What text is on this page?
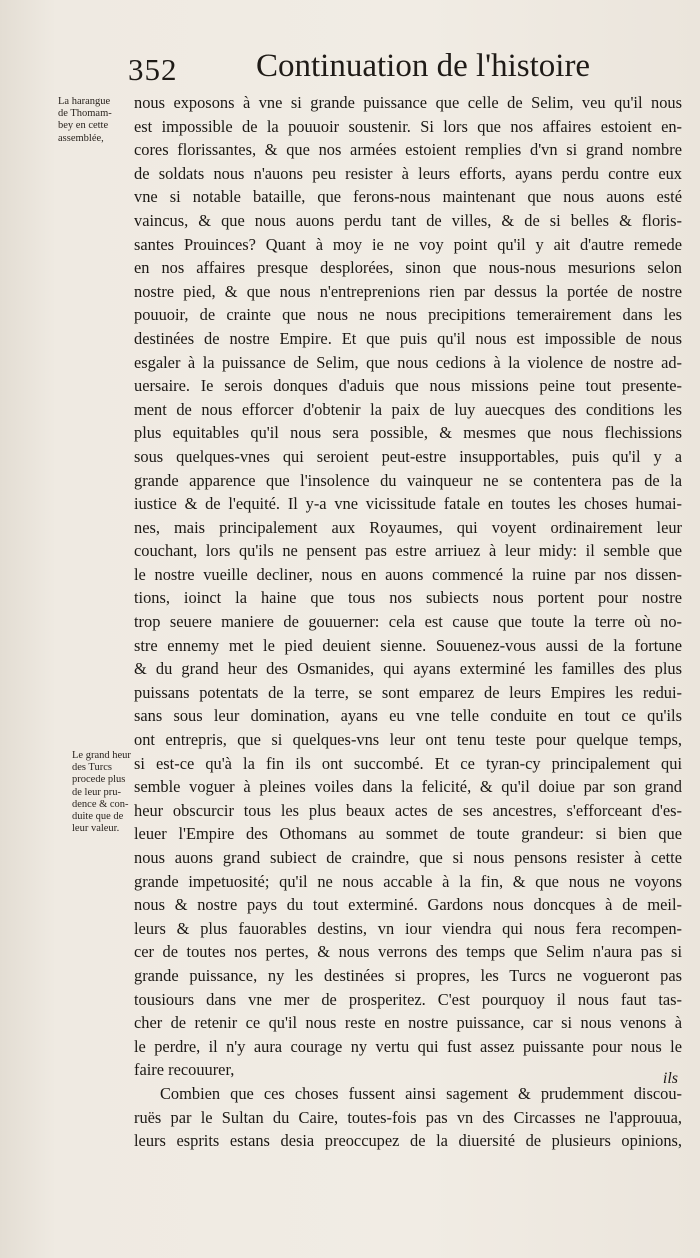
352 Continuation de l'histoire
La harangue
de Thomam-
bey en cette
assemblée,
Le grand heur
des Turcs
procede plus
de leur pru-
dence & con-
duite que de
leur valeur.
nous exposons à vne si grande puissance que celle de Selim, veu qu'il nous
est impossible de la pouuoir soustenir. Si lors que nos affaires estoient en-
cores florissantes, & que nos armées estoient remplies d'vn si grand nombre
de soldats nous n'auons peu resister à leurs efforts, ayans perdu contre eux
vne si notable bataille, que ferons-nous maintenant que nous auons esté
vaincus, & que nous auons perdu tant de villes, & de si belles & floris-
santes Prouinces? Quant à moy ie ne voy point qu'il y ait d'autre remede
en nos affaires presque desplorées, sinon que nous-nous mesurions selon
nostre pied, & que nous n'entreprenions rien par dessus la portée de nostre
pouuoir, de crainte que nous ne nous precipitions temerairement dans les
destinées de nostre Empire. Et que puis qu'il nous est impossible de nous
esgaler à la puissance de Selim, que nous cedions à la violence de nostre ad-
uersaire. Ie serois donques d'aduis que nous missions peine tout presente-
ment de nous efforcer d'obtenir la paix de luy auecques des conditions les
plus equitables qu'il nous sera possible, & mesmes que nous flechissions
sous quelques-vnes qui seroient peut-estre insupportables, puis qu'il y a
grande apparence que l'insolence du vainqueur ne se contentera pas de la
iustice & de l'equité. Il y-a vne vicissitude fatale en toutes les choses humai-
nes, mais principalement aux Royaumes, qui voyent ordinairement leur
couchant, lors qu'ils ne pensent pas estre arriuez à leur midy: il semble que
le nostre vueille decliner, nous en auons commencé la ruine par nos dissen-
tions, ioinct la haine que tous nos subiects nous portent pour nostre
trop seuere maniere de gouuerner: cela est cause que toute la terre où no-
stre ennemy met le pied deuient sienne. Souuenez-vous aussi de la fortune
& du grand heur des Osmanides, qui ayans exterminé les familles des plus
puissans potentats de la terre, se sont emparez de leurs Empires les redui-
sans sous leur domination, ayans eu vne telle conduite en tout ce qu'ils
ont entrepris, que si quelques-vns leur ont tenu teste pour quelque temps,
si est-ce qu'à la fin ils ont succombé. Et ce tyran-cy principalement qui
semble voguer à pleines voiles dans la felicité, & qu'il doiue par son grand
heur obscurcir tous les plus beaux actes de ses ancestres, s'efforceant d'es-
leuer l'Empire des Othomans au sommet de toute grandeur: si bien que
nous auons grand subiect de craindre, que si nous pensons resister à cette
grande impetuosité; qu'il ne nous accable à la fin, & que nous ne voyons
nous & nostre pays du tout exterminé. Gardons nous doncques à de meil-
leurs & plus fauorables destins, vn iour viendra qui nous fera recompen-
cer de toutes nos pertes, & nous verrons des temps que Selim n'aura pas si
grande puissance, ny les destinées si propres, les Turcs ne vogueront pas
tousiours dans vne mer de prosperitez. C'est pourquoy il nous faut tas-
cher de retenir ce qu'il nous reste en nostre puissance, car si nous venons à
le perdre, il n'y aura courage ny vertu qui fust assez puissante pour nous le
faire recouurer,
Combien que ces choses fussent ainsi sagement & prudemment discou-
ruës par le Sultan du Caire, toutes-fois pas vn des Circasses ne l'approuua,
leurs esprits estans desia preoccupez de la diuersité de plusieurs opinions,
ils
